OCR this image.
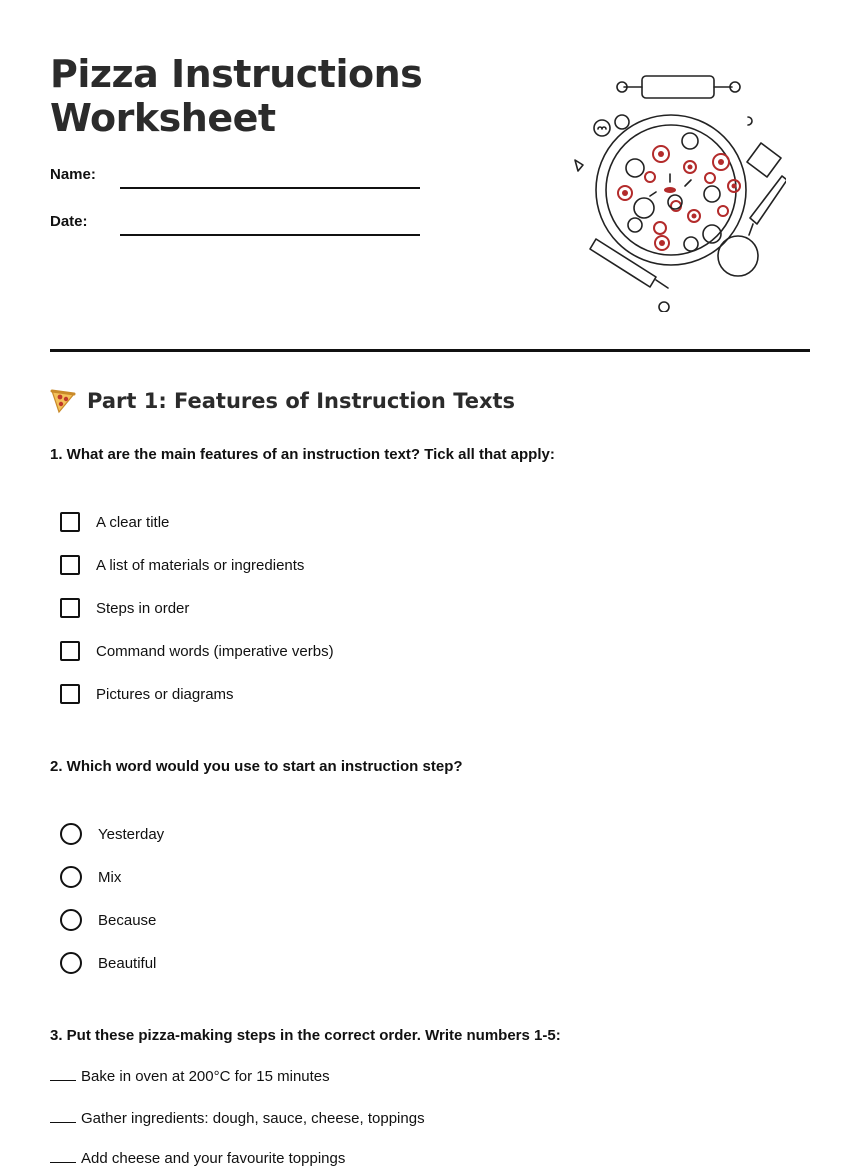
Pizza Instructions
Worksheet
Name:
Date:
Part 1: Features of Instruction Texts
1. What are the main features of an instruction text? Tick all that apply:
A clear title
A list of materials or ingredients
Steps in order
Command words (imperative verbs)
Pictures or diagrams
2. Which word would you use to start an instruction step?
Yesterday
Mix
Because
Beautiful
3. Put these pizza-making steps in the correct order. Write numbers 1-5:
Bake in oven at 200°C for 15 minutes
Gather ingredients: dough, sauce, cheese, toppings
Add cheese and your favourite toppings
